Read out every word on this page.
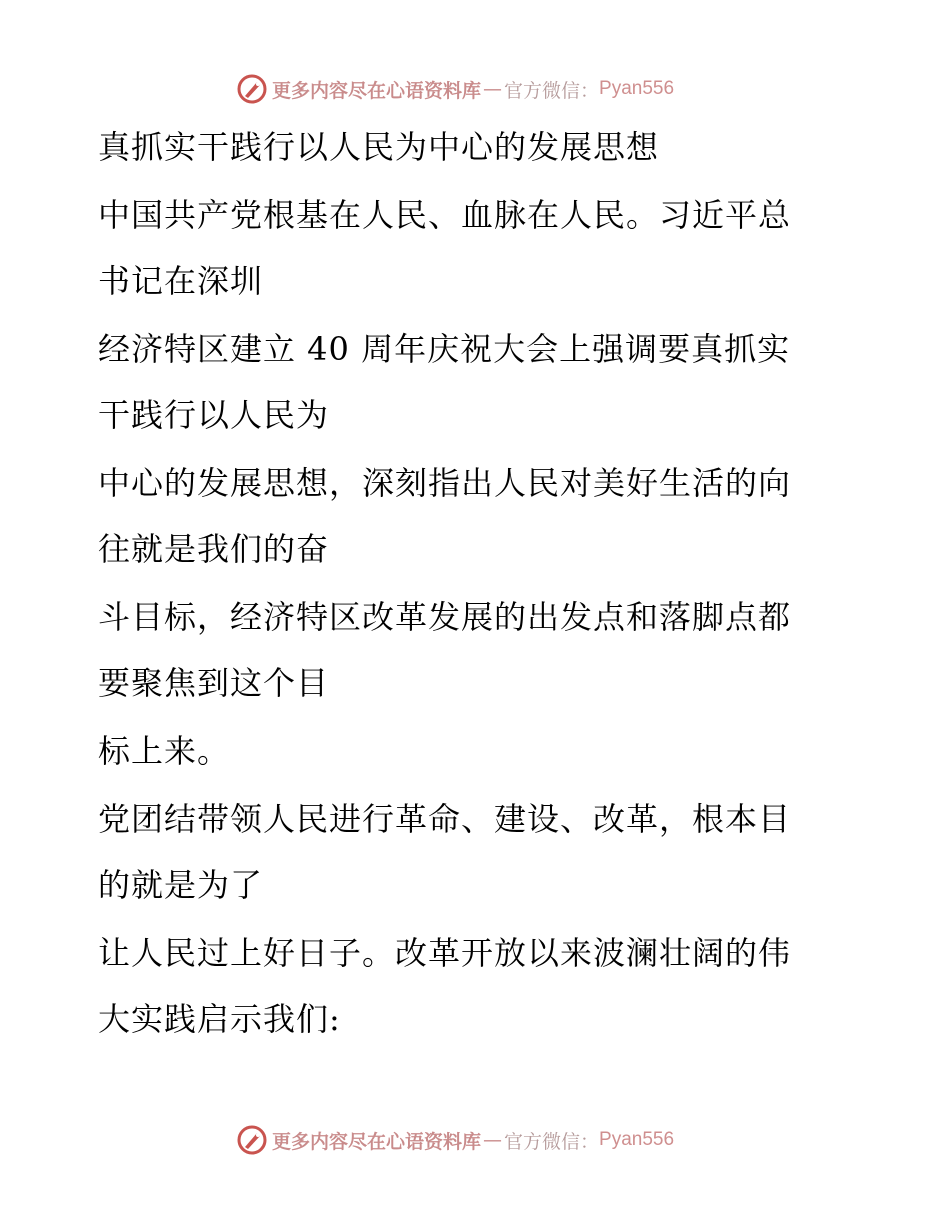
更多内容尽在心语资料库 — 官方微信： Pyan556
真抓实干践行以人民为中心的发展思想
中国共产党根基在人民、血脉在人民。习近平总
书记在深圳
经济特区建立 40 周年庆祝大会上强调要真抓实
干践行以人民为
中心的发展思想，深刻指出人民对美好生活的向
往就是我们的奋
斗目标，经济特区改革发展的出发点和落脚点都
要聚焦到这个目
标上来。
党团结带领人民进行革命、建设、改革，根本目
的就是为了
让人民过上好日子。改革开放以来波澜壮阔的伟
大实践启示我们:
更多内容尽在心语资料库 — 官方微信： Pyan556
